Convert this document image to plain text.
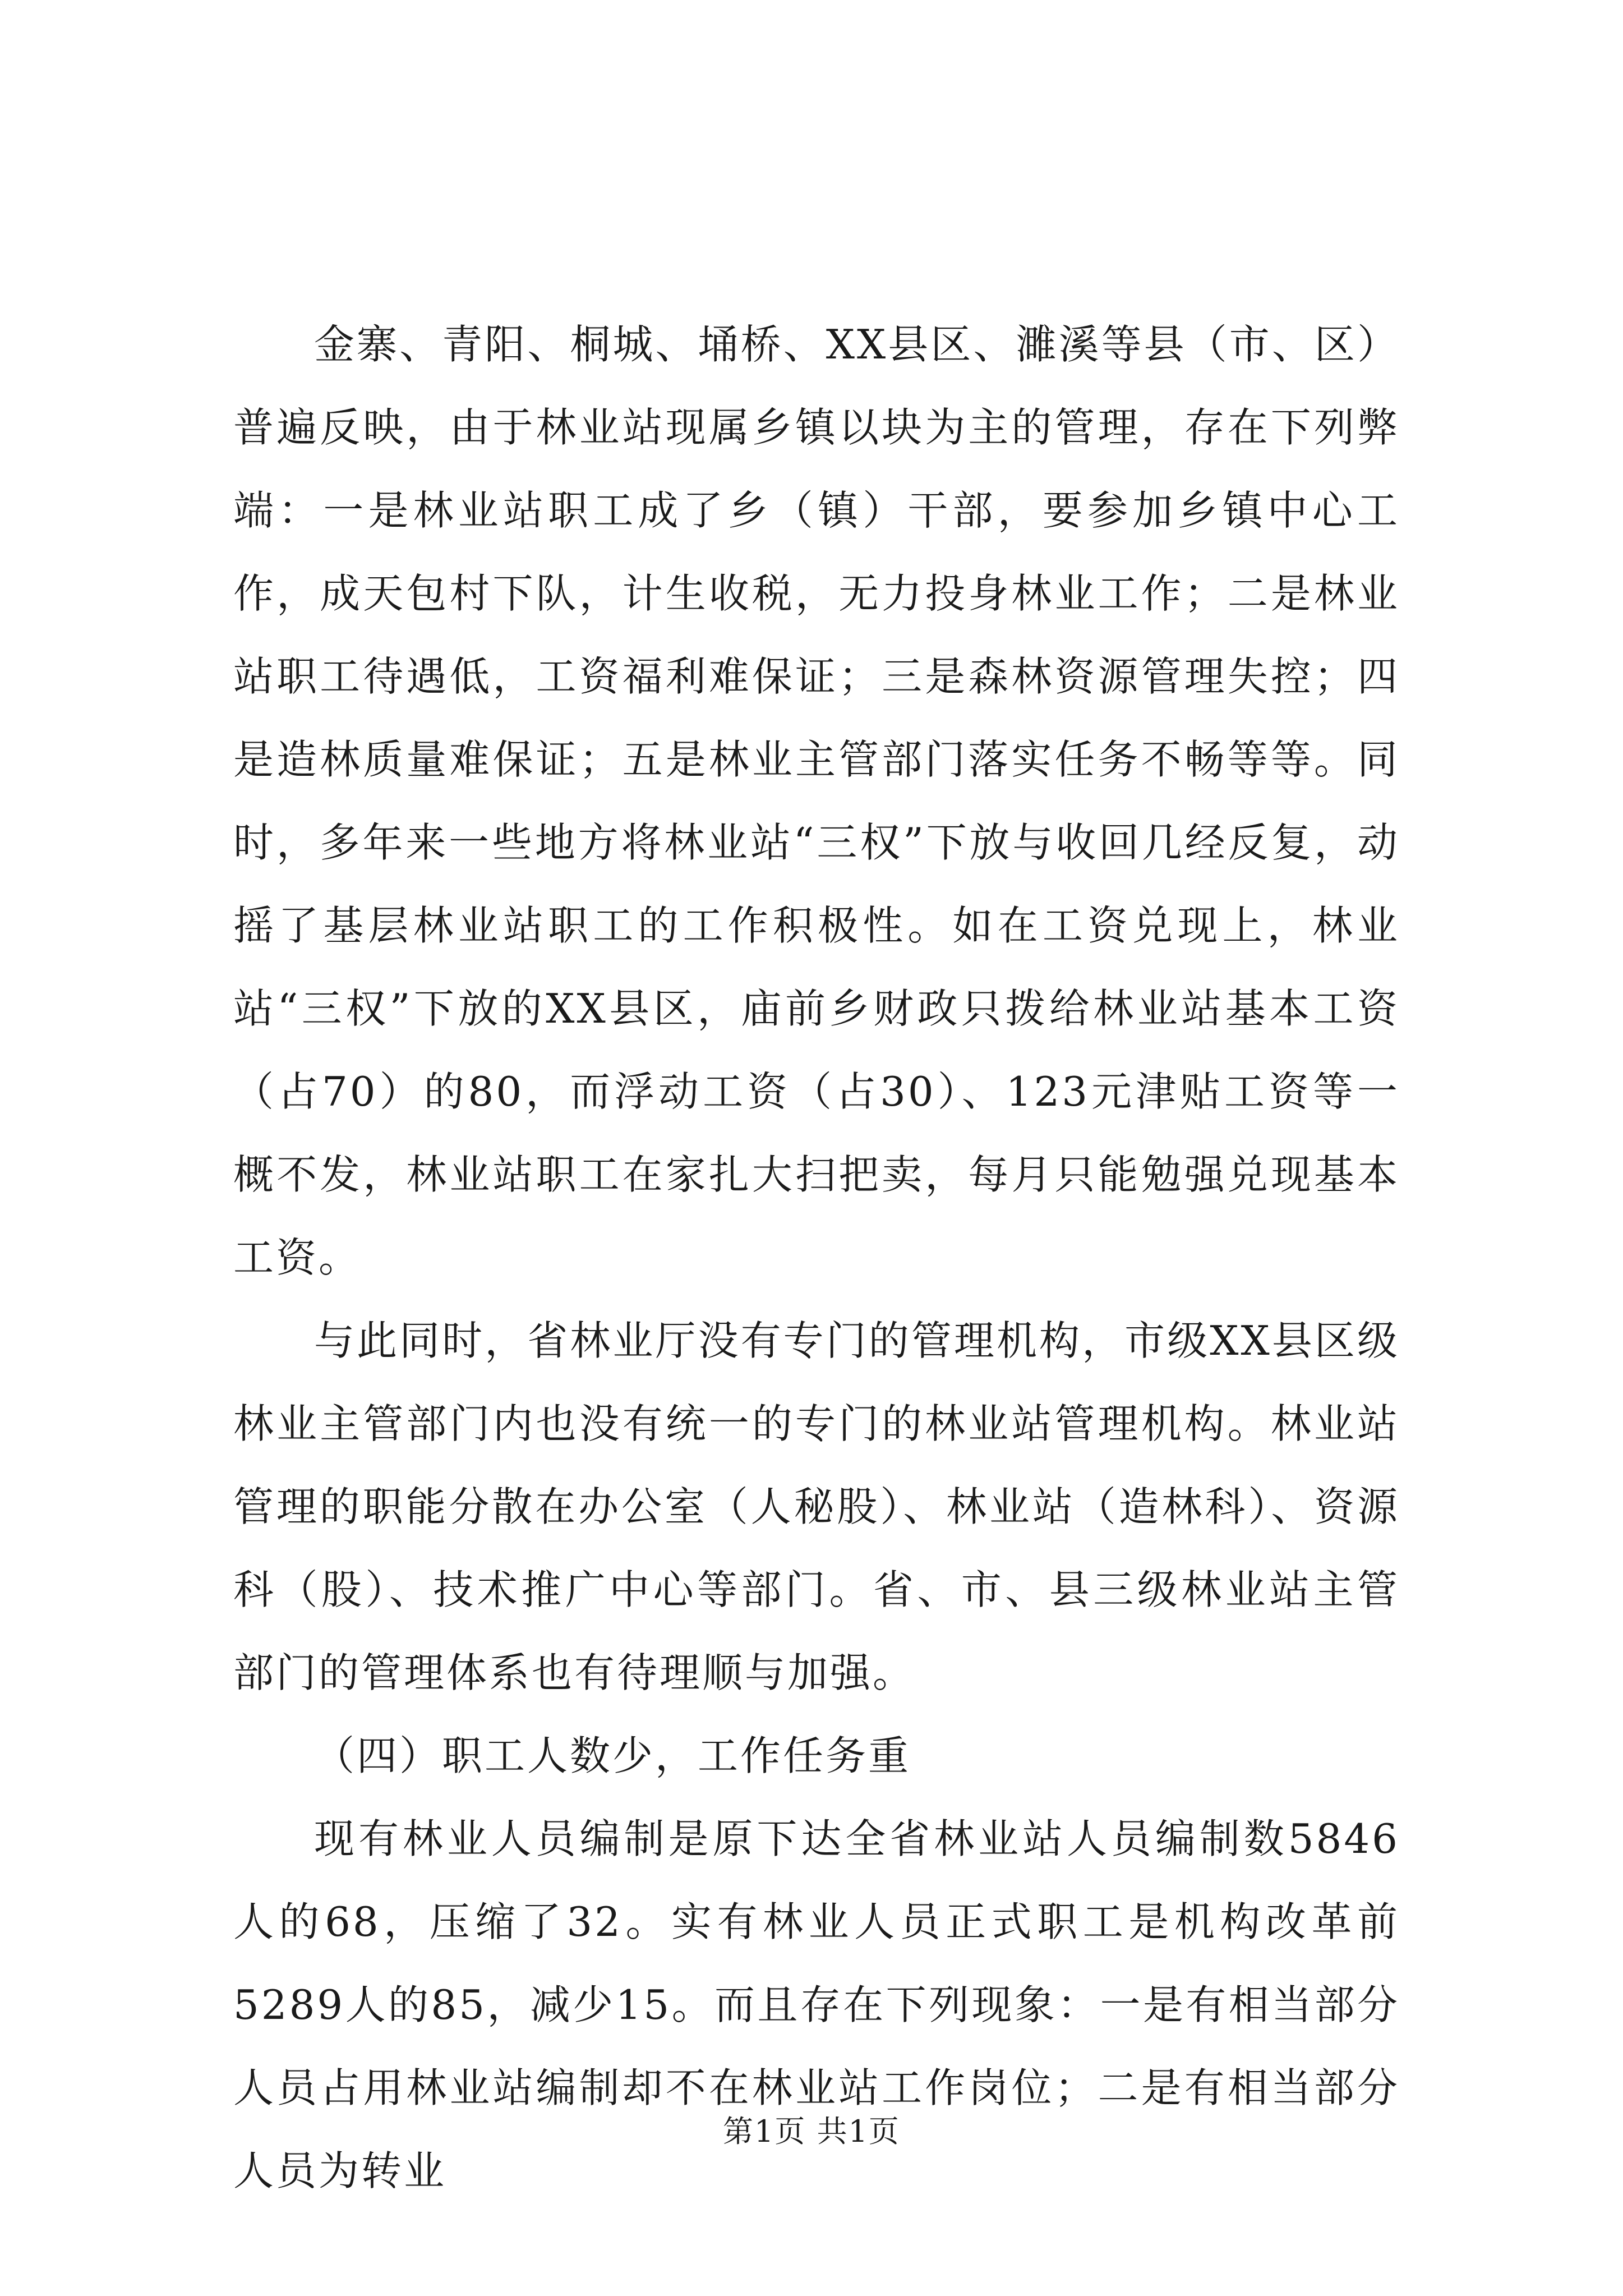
金寨、青阳、桐城、埇桥、XX县区、濉溪等县（市、区）普遍反映，由于林业站现属乡镇以块为主的管理，存在下列弊端：一是林业站职工成了乡（镇）干部，要参加乡镇中心工作，成天包村下队，计生收税，无力投身林业工作；二是林业站职工待遇低，工资福利难保证；三是森林资源管理失控；四是造林质量难保证；五是林业主管部门落实任务不畅等等。同时，多年来一些地方将林业站“三权”下放与收回几经反复，动摇了基层林业站职工的工作积极性。如在工资兑现上，林业站“三权”下放的XX县区，庙前乡财政只拨给林业站基本工资（占70）的80，而浮动工资（占30）、123元津贴工资等一概不发，林业站职工在家扎大扫把卖，每月只能勉强兑现基本工资。

与此同时，省林业厅没有专门的管理机构，市级XX县区级林业主管部门内也没有统一的专门的林业站管理机构。林业站管理的职能分散在办公室（人秘股）、林业站（造林科）、资源科（股）、技术推广中心等部门。省、市、县三级林业站主管部门的管理体系也有待理顺与加强。

（四）职工人数少，工作任务重

现有林业人员编制是原下达全省林业站人员编制数5846人的68，压缩了32。实有林业人员正式职工是机构改革前5289人的85，减少15。而且存在下列现象：一是有相当部分人员占用林业站编制却不在林业站工作岗位；二是有相当部分人员为转业

第1页 共1页
